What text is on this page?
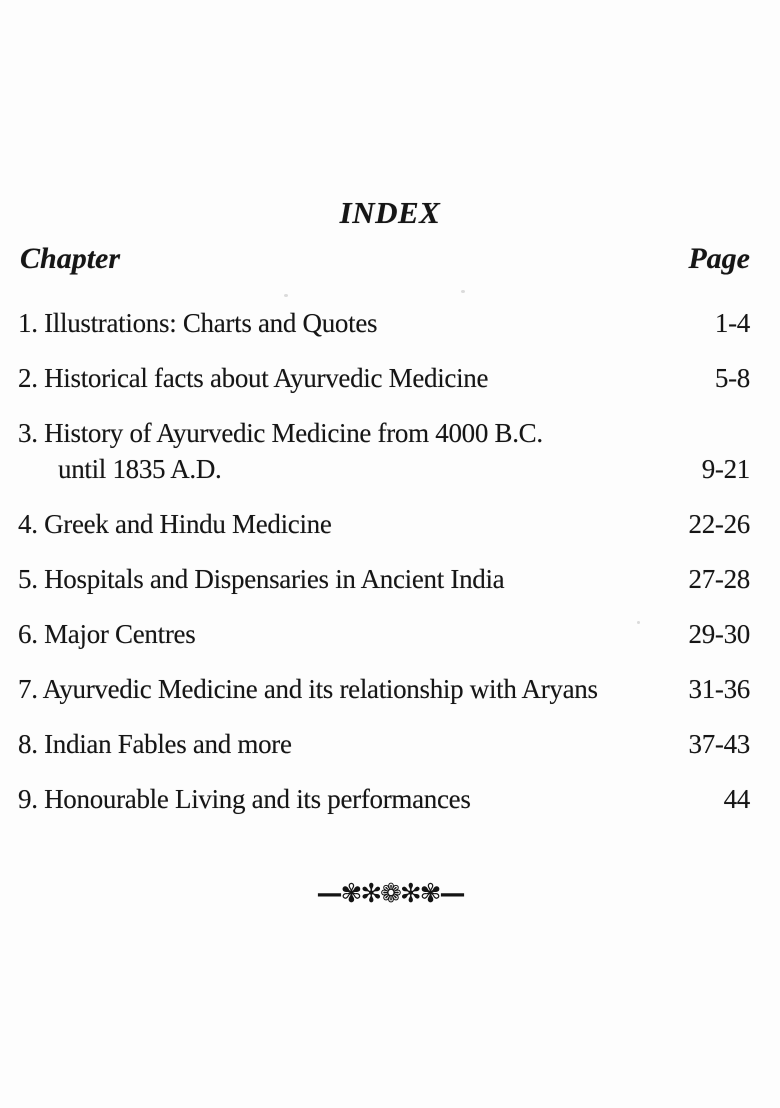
INDEX
Chapter	Page
1. Illustrations: Charts and Quotes	1-4
2. Historical facts about Ayurvedic Medicine	5-8
3. History of Ayurvedic Medicine from 4000 B.C.
until 1835 A.D.	9-21
4. Greek and Hindu Medicine	22-26
5. Hospitals and Dispensaries in Ancient India	27-28
6. Major Centres	29-30
7. Ayurvedic Medicine and its relationship with Aryans	31-36
8. Indian Fables and more	37-43
9. Honourable Living and its performances	44
—✾✻❁✻✾—
